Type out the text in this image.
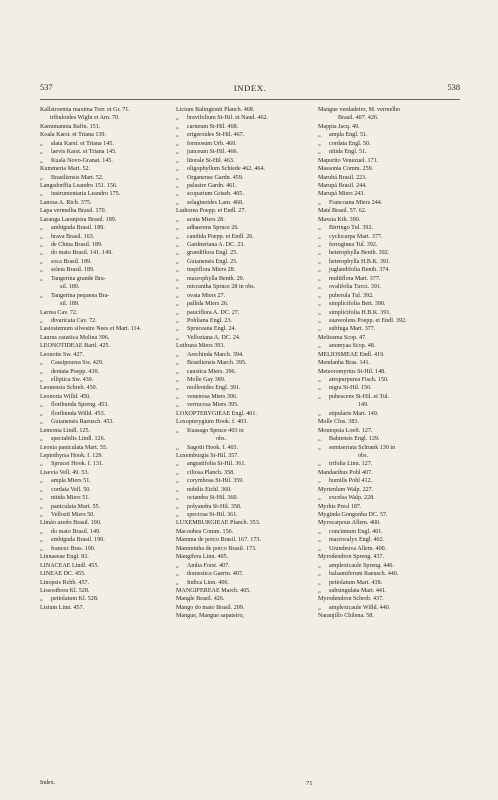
537	INDEX.	538
Kallstroemia maxima Torr. et Gr. 71.
tribuloides Wight et Arn. 70.
Kamtmannia Rafin. 151.
Koala Karst. et Triana 139.
„ alata Karst. et Triana 145.
„ laevis Karst. et Triana 145.
„ Kuala Novo-Granat. 145.
Kummeria Mart. 52.
„ Brasiliensis Mart. 52.
Langsdorffia Leandro 151. 156.
„ instrumentaria Leandro 175.
Lanosa A. Rich. 375.
Lapa vermelha Brasil. 170.
Laranga Laranjeira Brasil. 189.
„ ambiguda Brasil. 189.
„ brava Brasil. 163.
„ de China Brasil. 189.
„ do mato Brasil. 141. 149.
„ soca Brasil. 189.
„ seleta Brasil. 189.
„ Tangerina grande Bra-
sil. 189.
„ Tangerina pequena Bra-
sil. 189.
Larrea Cav. 72.
„ divaricata Cav. 72.
Lasiostemum silvestre Nees et Mart. 114.
Laurus caustica Molina 396.
LEONOTIDEAE Bartl. 425.
Leonotis Sw. 427.
„ Cassipourea Sw. 429.
„ dentata Poepp. 430.
„ elliptica Sw. 430.
Leonensia Schreb. 450.
Leonoria Willd. 450.
„ floribunda Spreng. 453.
„ floribunda Willd. 453.
„ Guianensis Raeusch. 453.
Lemonia Lindl. 125.
„ spectabilis Lindl. 126.
Leonia paniculata Mart. 55.
Leptothyrsa Hook. f. 129.
„ Sprucei Hook. f. 131.
Lisevia Vell. 49. 53.
„ ampla Miers 51.
„ cordata Vell. 50.
„ nitida Miers 51.
„ paniculata Mart. 55.
„ Velloziï Miers 50.
Limão azedo Brasil. 190.
„ do mato Brasil. 149.
„ embiguda Brasil. 190.
„ francez Bras. 190.
Linnaeeae Engl. 83.
LINACEAE Lindl. 455.
LINEAE DC. 455.
Linopsis Rchb. 457.
Lissosthora Kl. 528.
„ petiolatum Kl. 528.
Lisium Linn. 457.
Licium Balingtonii Planch. 468.
„ brevifolium St-Hil. et Naud. 462.
„ carneum St-Hil. 468.
„ erigeroides St-Hil. 467.
„ formosum Urb. 460.
„ junceum St-Hil. 466.
„ litorale St-Hil. 463.
„ oligophyllum Schiede 462. 464.
„ Organense Gardn. 459.
„ palustre Gardn. 461.
„ scoparium Griseb. 465.
„ selaginoides Lam. 468.
Ludiorea Poepp. et Endl. 27.
„ acuta Miers 28.
„ adhaerens Spruce 26.
„ candida Poepp. et Endl. 26.
„ Gardneriana A. DC. 23.
„ grandiflora Engl. 25.
„ Guianensis Engl. 25.
„ inspiflora Miers 28.
„ macrophylla Benth. 29.
„ micrantha Spruce 28 in obs.
„ ovata Miers 27.
„ pallida Miers 26.
„ pauciflora A. DC. 27.
„ Pohliana Engl. 23.
„ Spruceana Engl. 24.
„ Velloziana A. DC. 24.
Luthrara Miers 393.
„ Arechinda March. 394.
„ Brasiliensis March. 395.
„ caustica Miers. 396.
„ Molle Gay 389.
„ molleoides Engl. 391.
„ venenosa Miers 396.
„ verrucosa Miers 395.
LOXOPTERYGIEAE Engl. 401.
Loxopterygium Hook. f. 403.
„ Kuasago Spruce 403 in
obs.
„ Sagotii Hook. f. 403.
Luxemburgia St-Hil. 357.
„ angustifolia St-Hil. 361.
„ ciliosa Planch. 358.
„ corymbosa St-Hil. 359.
„ nobilis Eichl. 360.
„ octandra St-Hil. 360.
„ polyandra St-Hil. 358.
„ speciosa St-Hil. 361.
LUXEMBURGIEAE Planch. 353.
Macoubea Comm. 156.
Mamma de porco Brasil. 167. 173.
Mamminha de porco Brasil. 173.
Mangifera Linn. 405.
„ Amba Forst. 407.
„ domestica Gaertn. 407.
„ Indica Linn. 406.
MANGIFEREAE March. 405.
Mangle Brasil. 426.
Mango do mato Brasil. 209.
Mangue, Mangue sapateiro,
Mangue verdadeiro, M. vermelho
Brasil. 407. 426.
Mappia Jacq. 49.
„ ampla Engl. 51.
„ cordata Engl. 50.
„ nitida Engl. 51.
Mapurito Venezuel. 171.
Massonia Comm. 259.
Marubá Brasil. 223.
Marupá Brasil. 244.
Marupá Miers 243.
„ Francoana Miers 244.
Maté Brasil. 57. 62.
Maxsia Kth. 390.
„ Birringo Tul. 392.
„ cyclocarpa Mart. 377.
„ ferruginea Tul. 392.
„ heterophylla Benth. 392.
„ heterophylla H.B.K. 391.
„ juglandifolia Benth. 374.
„ multiflora Mart. 377.
„ ovalifolia Turcz. 391.
„ puberula Tul. 392.
„ simplicifolia Bert. 390.
„ simplicifolia H.B.K. 391.
„ suaveolens Poepp. et Endl. 392.
„ subfuga Mart. 377.
Meliosma Scop. 47.
„ anomyaa Scop. 48.
MELIOSMEAE Endl. 419.
Mendanha Bras. 141.
Meteoromyrtus St-Hil. 148.
„ atropurpurea Fisch. 150.
„ nigra St-Hil. 150.
„ pubescens St-Hil. et Tul.
149.
„ stipularis Mart. 149.
Molle Clus. 383.
Moniopsia Loeft. 127.
„ Bahiensis Engl. 129.
„ semiserrata Schrank 130 in
obs.
„ trifolia Linn. 127.
Mandaethus Pohl 407.
„ humilis Pohl 412.
Myrtenlum Walp. 227.
„ excelsa Walp. 228.
Myrhis Presl 187.
Myginda Gongonha DC. 57.
Myrocarpous Allem. 400.
„ concinnum Engl. 401.
„ macrocalyx Engl. 402.
„ Urundeuva Allem. 400.
Myrodendron Spreng. 437.
„ amplexicaule Spreng. 440.
„ balsamiferum Raeusch. 440.
„ petiolatum Mart. 438.
„ subsingulata Mart. 441.
Myrodendron Schreb. 437.
„ amplexicaule Willd. 440.
Naranjillo Chilena. 58.
Index.	71
